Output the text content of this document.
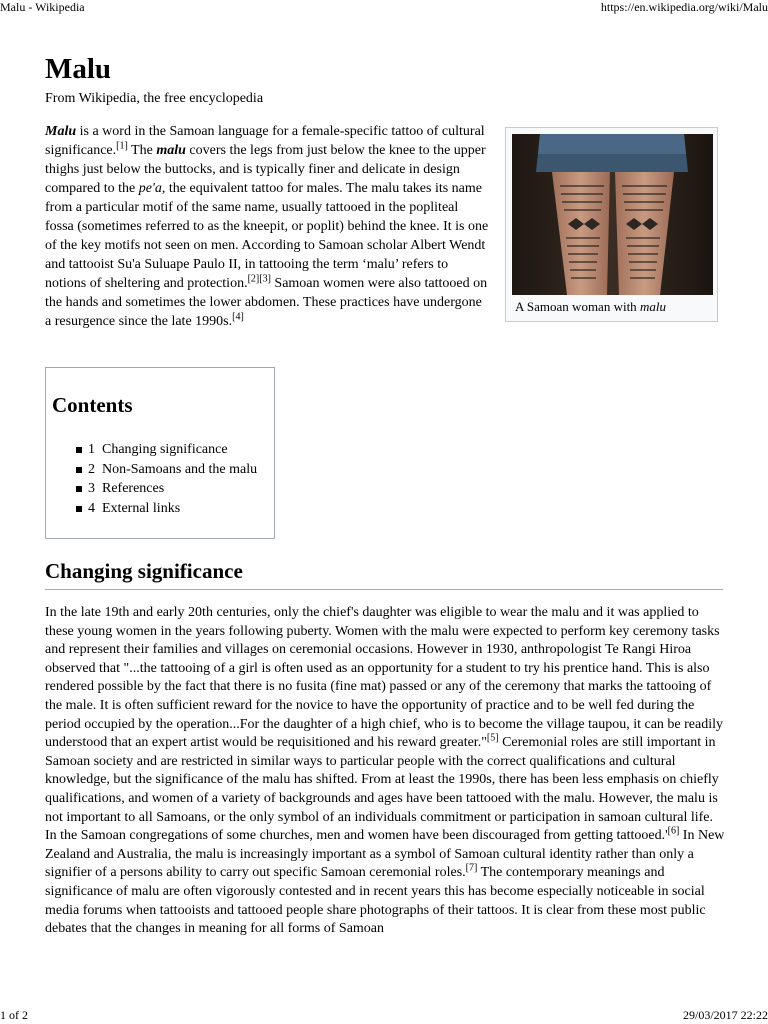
Malu - Wikipedia	https://en.wikipedia.org/wiki/Malu
Malu
From Wikipedia, the free encyclopedia

Malu is a word in the Samoan language for a female-specific tattoo of cultural significance.[1] The malu covers the legs from just below the knee to the upper thighs just below the buttocks, and is typically finer and delicate in design compared to the pe'a, the equivalent tattoo for males. The malu takes its name from a particular motif of the same name, usually tattooed in the popliteal fossa (sometimes referred to as the kneepit, or poplit) behind the knee. It is one of the key motifs not seen on men. According to Samoan scholar Albert Wendt and tattooist Su'a Suluape Paulo II, in tattooing the term ‘malu’ refers to notions of sheltering and protection.[2][3] Samoan women were also tattooed on the hands and sometimes the lower abdomen. These practices have undergone a resurgence since the late 1990s.[4]

A Samoan woman with malu
Contents
1 Changing significance
2 Non-Samoans and the malu
3 References
4 External links
Changing significance

In the late 19th and early 20th centuries, only the chief's daughter was eligible to wear the malu and it was applied to these young women in the years following puberty. Women with the malu were expected to perform key ceremony tasks and represent their families and villages on ceremonial occasions. However in 1930, anthropologist Te Rangi Hiroa observed that "...the tattooing of a girl is often used as an opportunity for a student to try his prentice hand. This is also rendered possible by the fact that there is no fusita (fine mat) passed or any of the ceremony that marks the tattooing of the male. It is often sufficient reward for the novice to have the opportunity of practice and to be well fed during the period occupied by the operation...For the daughter of a high chief, who is to become the village taupou, it can be readily understood that an expert artist would be requisitioned and his reward greater."[5] Ceremonial roles are still important in Samoan society and are restricted in similar ways to particular people with the correct qualifications and cultural knowledge, but the significance of the malu has shifted. From at least the 1990s, there has been less emphasis on chiefly qualifications, and women of a variety of backgrounds and ages have been tattooed with the malu. However, the malu is not important to all Samoans, or the only symbol of an individuals commitment or participation in samoan cultural life. In the Samoan congregations of some churches, men and women have been discouraged from getting tattooed.'[6] In New Zealand and Australia, the malu is increasingly important as a symbol of Samoan cultural identity rather than only a signifier of a persons ability to carry out specific Samoan ceremonial roles.[7] The contemporary meanings and significance of malu are often vigorously contested and in recent years this has become especially noticeable in social media forums when tattooists and tattooed people share photographs of their tattoos. It is clear from these most public debates that the changes in meaning for all forms of Samoan

1 of 2	29/03/2017 22:22
